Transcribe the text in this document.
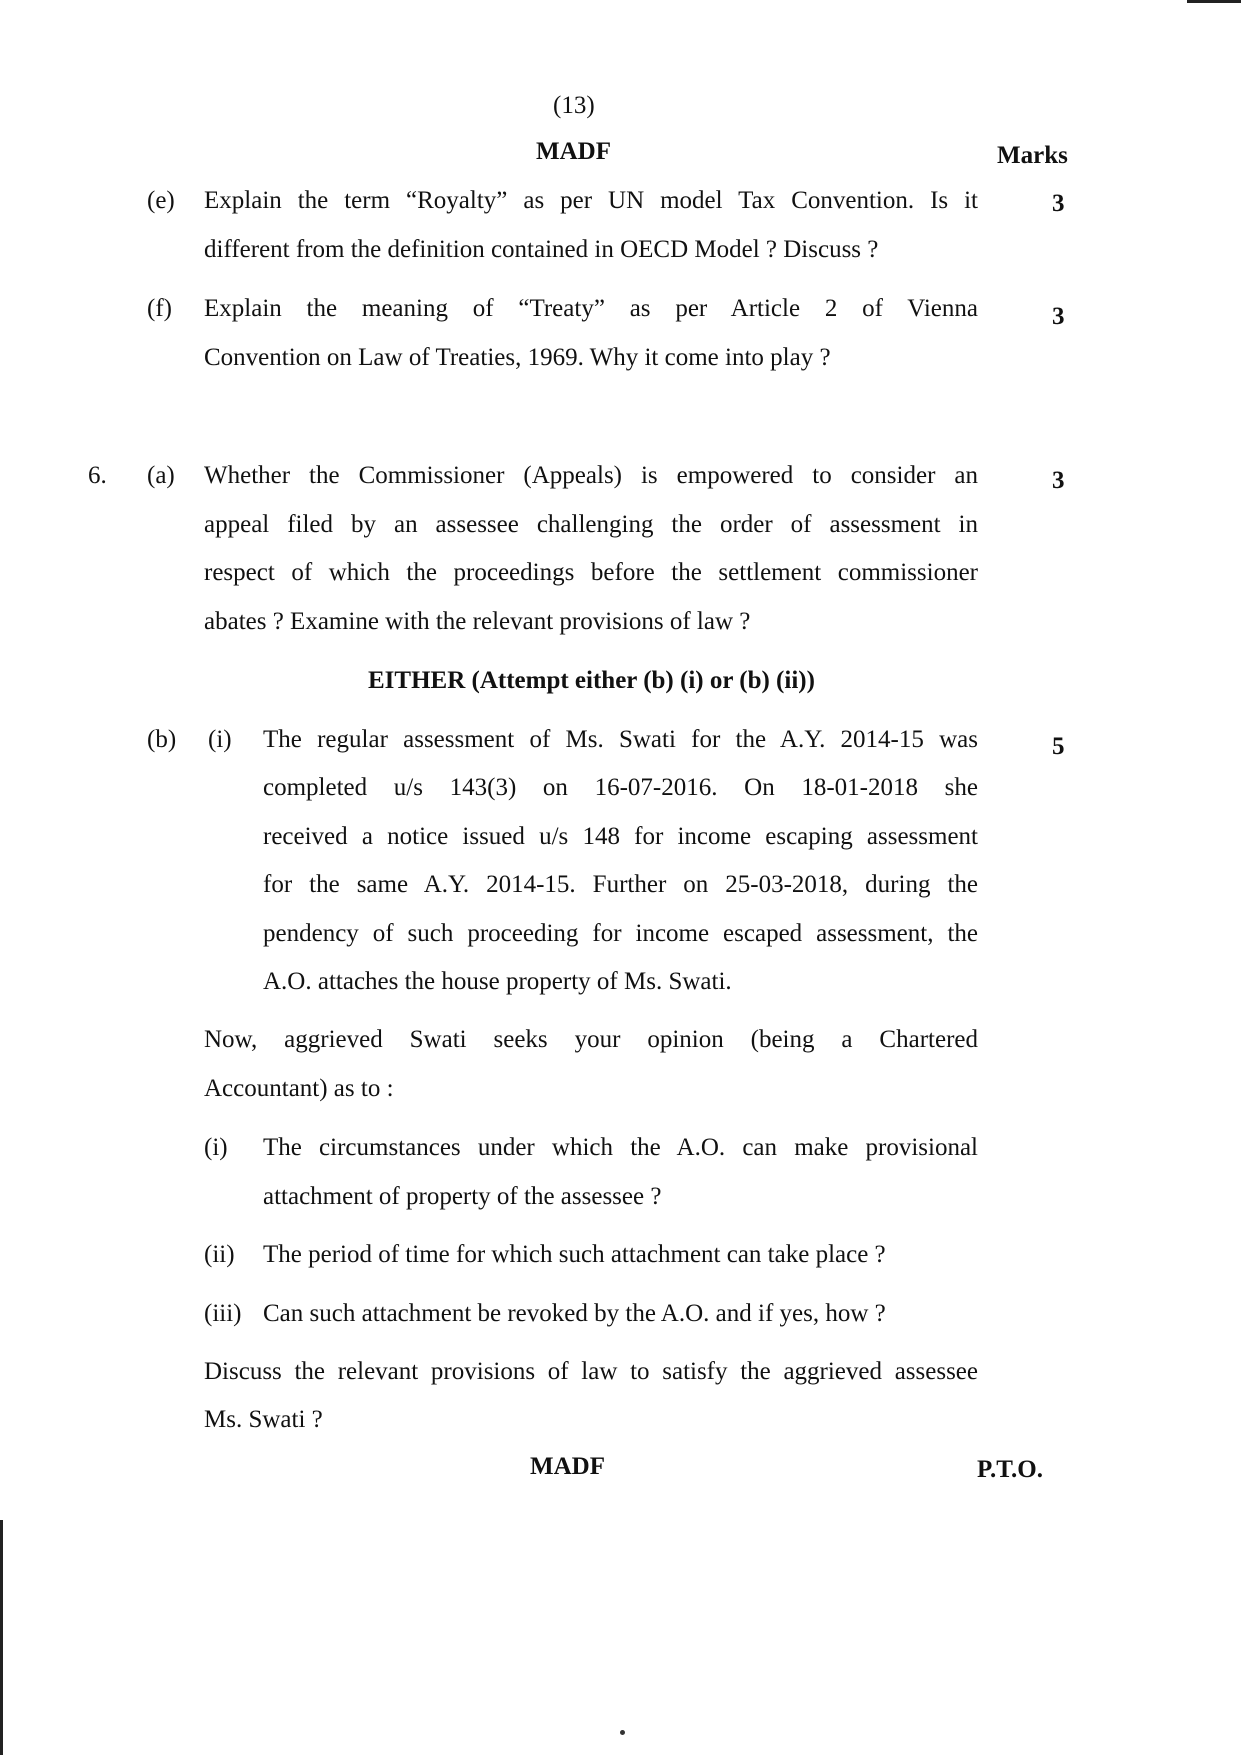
(13)
MADF	Marks
(e) Explain the term “Royalty” as per UN model Tax Convention. Is it
different from the definition contained in OECD Model ? Discuss ?
3
(f) Explain the meaning of “Treaty” as per Article 2 of Vienna
Convention on Law of Treaties, 1969. Why it come into play ?
3
6. (a) Whether the Commissioner (Appeals) is empowered to consider an
appeal filed by an assessee challenging the order of assessment in
respect of which the proceedings before the settlement commissioner
abates ? Examine with the relevant provisions of law ?
3
EITHER (Attempt either (b) (i) or (b) (ii))
(b) (i) The regular assessment of Ms. Swati for the A.Y. 2014-15 was
completed u/s 143(3) on 16-07-2016. On 18-01-2018 she
received a notice issued u/s 148 for income escaping assessment
for the same A.Y. 2014-15. Further on 25-03-2018, during the
pendency of such proceeding for income escaped assessment, the
A.O. attaches the house property of Ms. Swati.
5
Now, aggrieved Swati seeks your opinion (being a Chartered
Accountant) as to :
(i) The circumstances under which the A.O. can make provisional
attachment of property of the assessee ?
(ii) The period of time for which such attachment can take place ?
(iii) Can such attachment be revoked by the A.O. and if yes, how ?
Discuss the relevant provisions of law to satisfy the aggrieved assessee
Ms. Swati ?
MADF	P.T.O.
